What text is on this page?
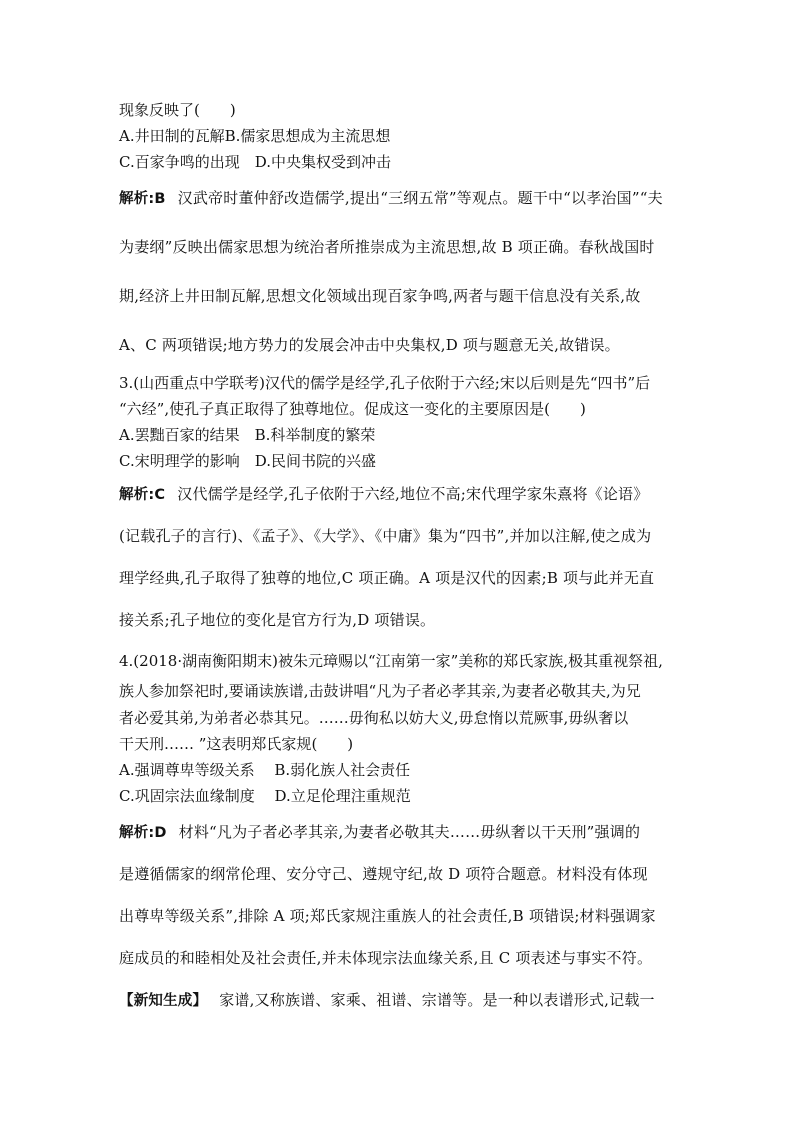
现象反映了(　　)
A.井田制的瓦解B.儒家思想成为主流思想
C.百家争鸣的出现　D.中央集权受到冲击
解析:B 汉武帝时董仲舒改造儒学,提出“三纲五常”等观点。题干中“以孝治国”“夫
为妻纲”反映出儒家思想为统治者所推崇成为主流思想,故 B 项正确。春秋战国时
期,经济上井田制瓦解,思想文化领域出现百家争鸣,两者与题干信息没有关系,故
A、C 两项错误;地方势力的发展会冲击中央集权,D 项与题意无关,故错误。
3.(山西重点中学联考)汉代的儒学是经学,孔子依附于六经;宋以后则是先“四书”后
“六经”,使孔子真正取得了独尊地位。促成这一变化的主要原因是(　　)
A.罢黜百家的结果　B.科举制度的繁荣
C.宋明理学的影响　D.民间书院的兴盛
解析:C 汉代儒学是经学,孔子依附于六经,地位不高;宋代理学家朱熹将《论语》
(记载孔子的言行)、《孟子》、《大学》、《中庸》集为“四书”,并加以注解,使之成为
理学经典,孔子取得了独尊的地位,C 项正确。A 项是汉代的因素;B 项与此并无直
接关系;孔子地位的变化是官方行为,D 项错误。
4.(2018·湖南衡阳期末)被朱元璋赐以“江南第一家”美称的郑氏家族,极其重视祭祖,
族人参加祭祀时,要诵读族谱,击鼓讲唱“凡为子者必孝其亲,为妻者必敬其夫,为兄
者必爱其弟,为弟者必恭其兄。……毋徇私以妨大义,毋怠惰以荒厥事,毋纵奢以
干天刑…… ”这表明郑氏家规(　　)
A.强调尊卑等级关系　 B.弱化族人社会责任
C.巩固宗法血缘制度　 D.立足伦理注重规范
解析:D 材料“凡为子者必孝其亲,为妻者必敬其夫……毋纵奢以干天刑”强调的
是遵循儒家的纲常伦理、安分守己、遵规守纪,故 D 项符合题意。材料没有体现
出尊卑等级关系”,排除 A 项;郑氏家规注重族人的社会责任,B 项错误;材料强调家
庭成员的和睦相处及社会责任,并未体现宗法血缘关系,且 C 项表述与事实不符。
【新知生成】 家谱,又称族谱、家乘、祖谱、宗谱等。是一种以表谱形式,记载一
